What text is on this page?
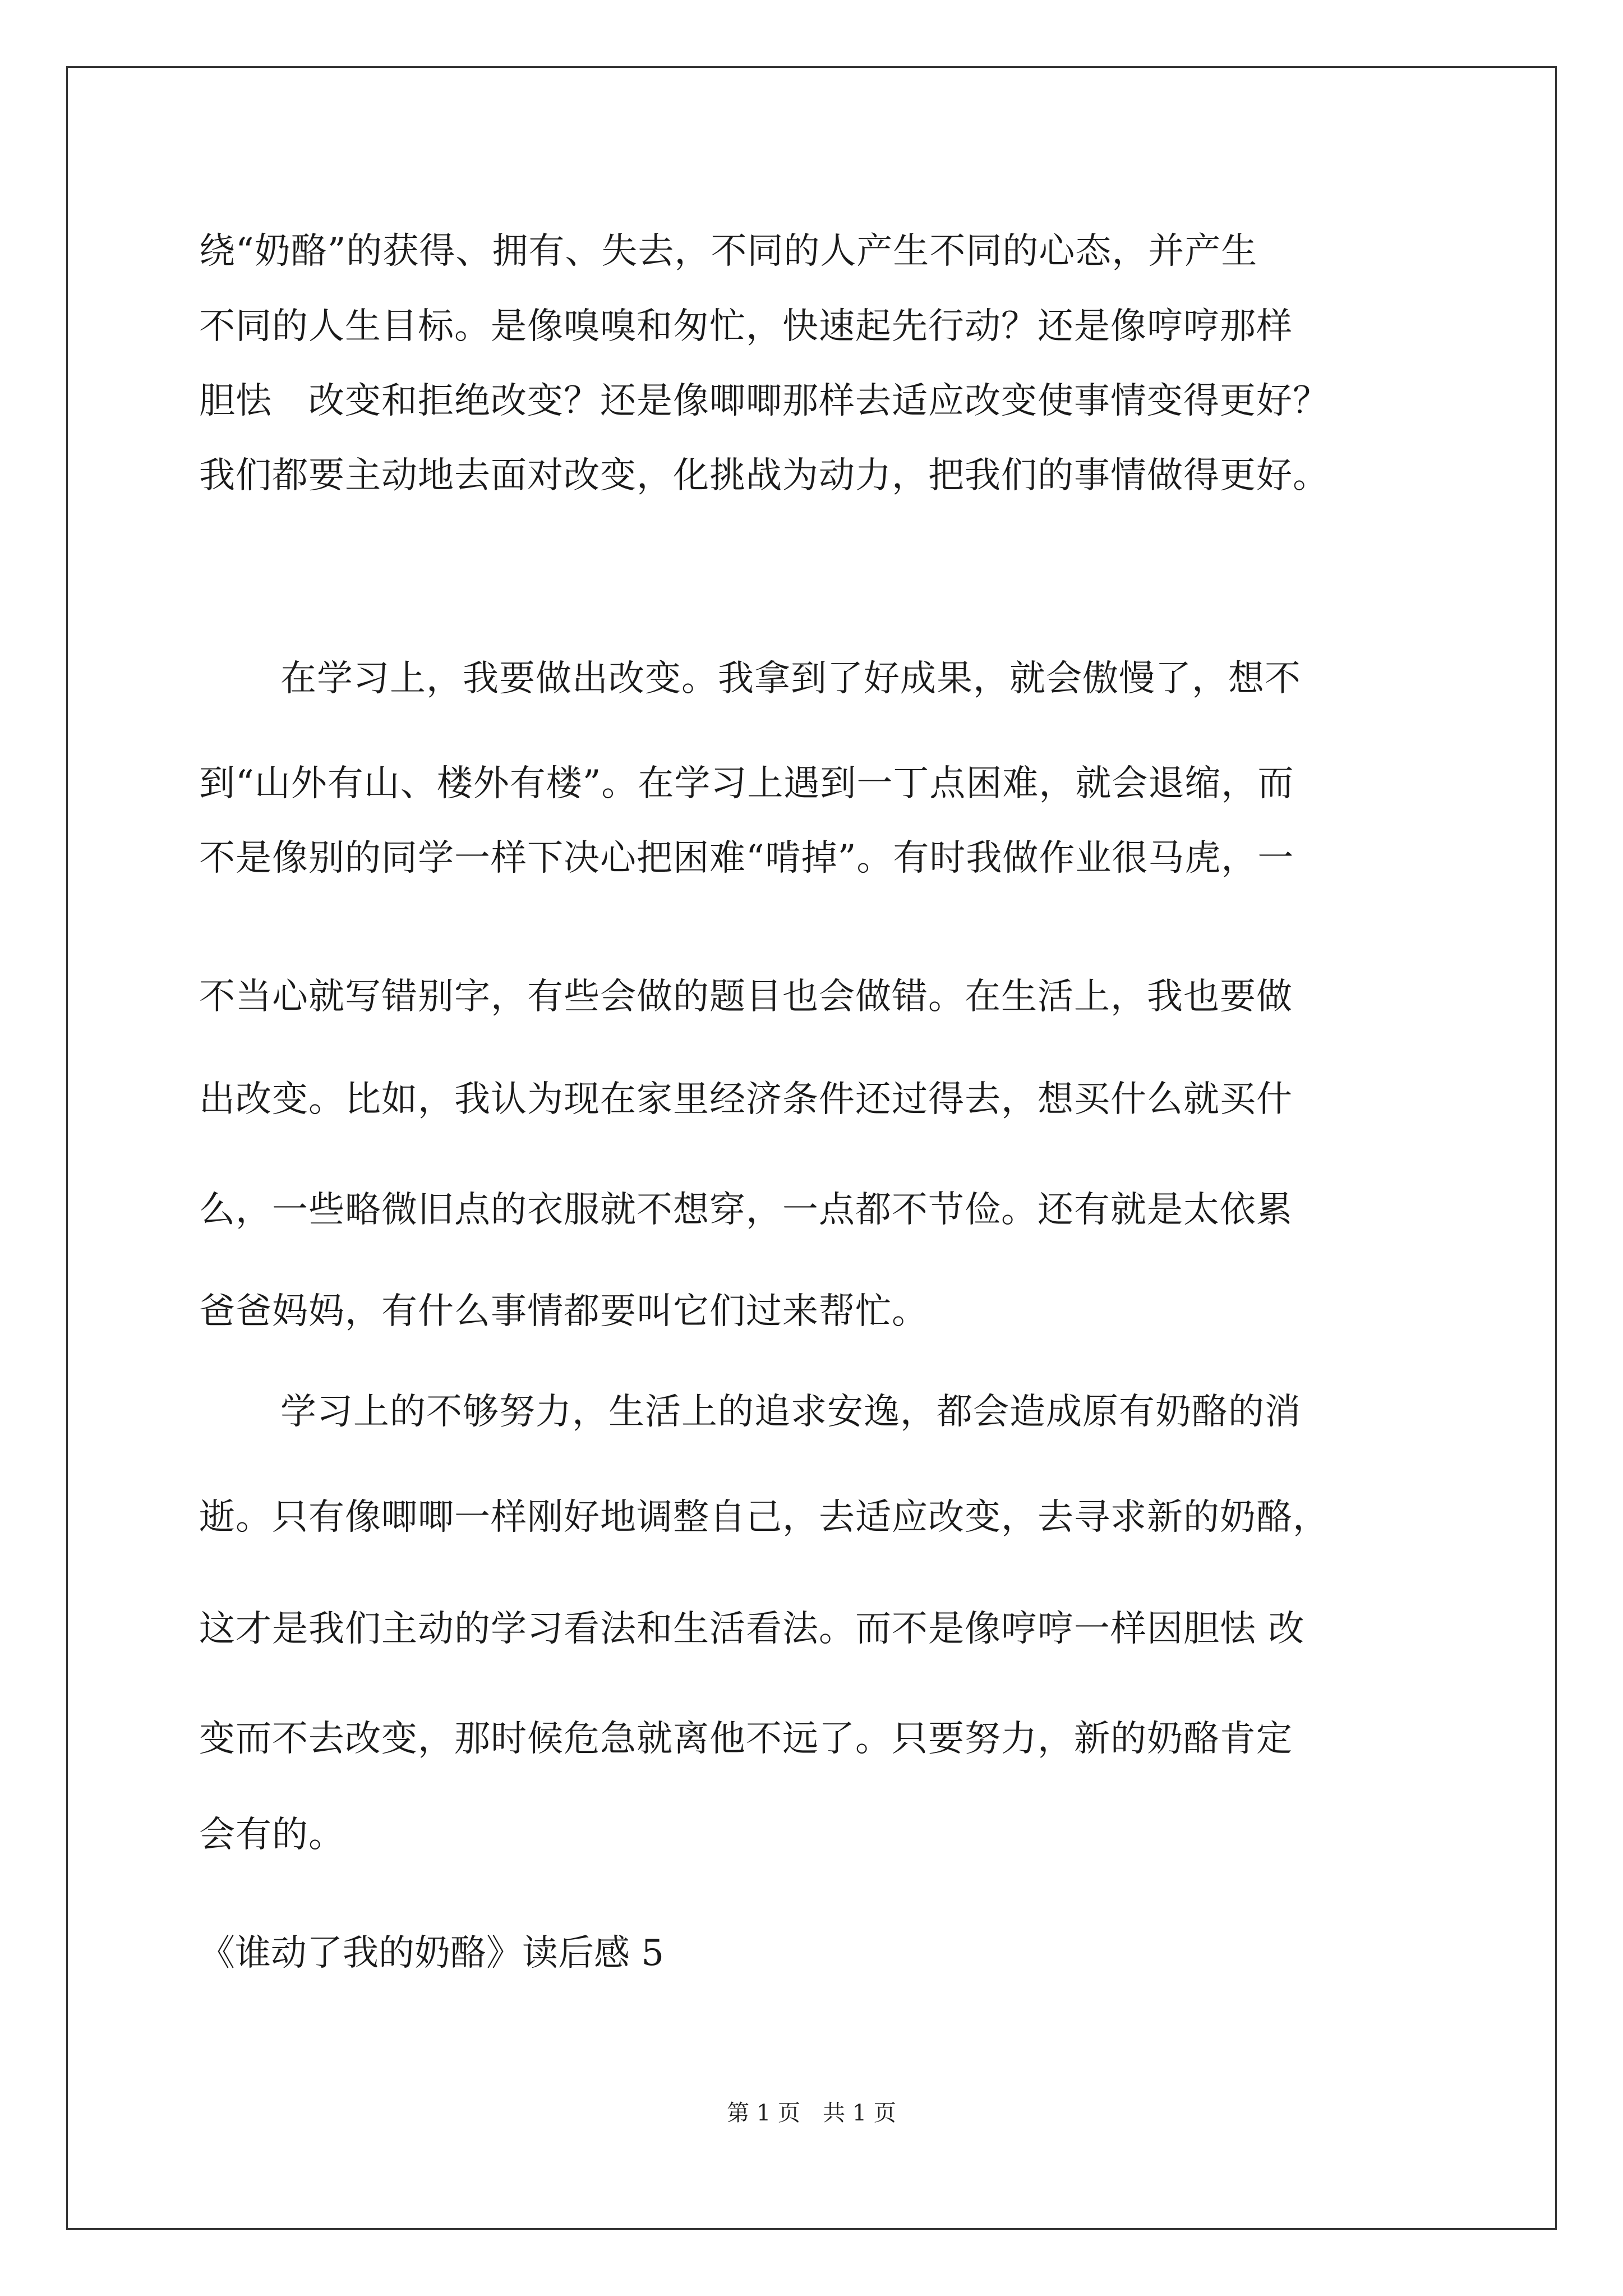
绕“奶酪”的获得、拥有、失去，不同的人产生不同的心态，并产生
不同的人生目标。是像嗅嗅和匆忙，快速起先行动？还是像哼哼那样
胆怯　改变和拒绝改变？还是像唧唧那样去适应改变使事情变得更好？
我们都要主动地去面对改变，化挑战为动力，把我们的事情做得更好。
在学习上，我要做出改变。我拿到了好成果，就会傲慢了，想不
到“山外有山、楼外有楼”。在学习上遇到一丁点困难，就会退缩，而
不是像别的同学一样下决心把困难“啃掉”。有时我做作业很马虎，一
不当心就写错别字，有些会做的题目也会做错。在生活上，我也要做
出改变。比如，我认为现在家里经济条件还过得去，想买什么就买什
么，一些略微旧点的衣服就不想穿，一点都不节俭。还有就是太依累
爸爸妈妈，有什么事情都要叫它们过来帮忙。
学习上的不够努力，生活上的追求安逸，都会造成原有奶酪的消
逝。只有像唧唧一样刚好地调整自己，去适应改变，去寻求新的奶酪，
这才是我们主动的学习看法和生活看法。而不是像哼哼一样因胆怯 改
变而不去改变，那时候危急就离他不远了。只要努力，新的奶酪肯定
会有的。
《谁动了我的奶酪》读后感 5
第 1 页　共 1 页
